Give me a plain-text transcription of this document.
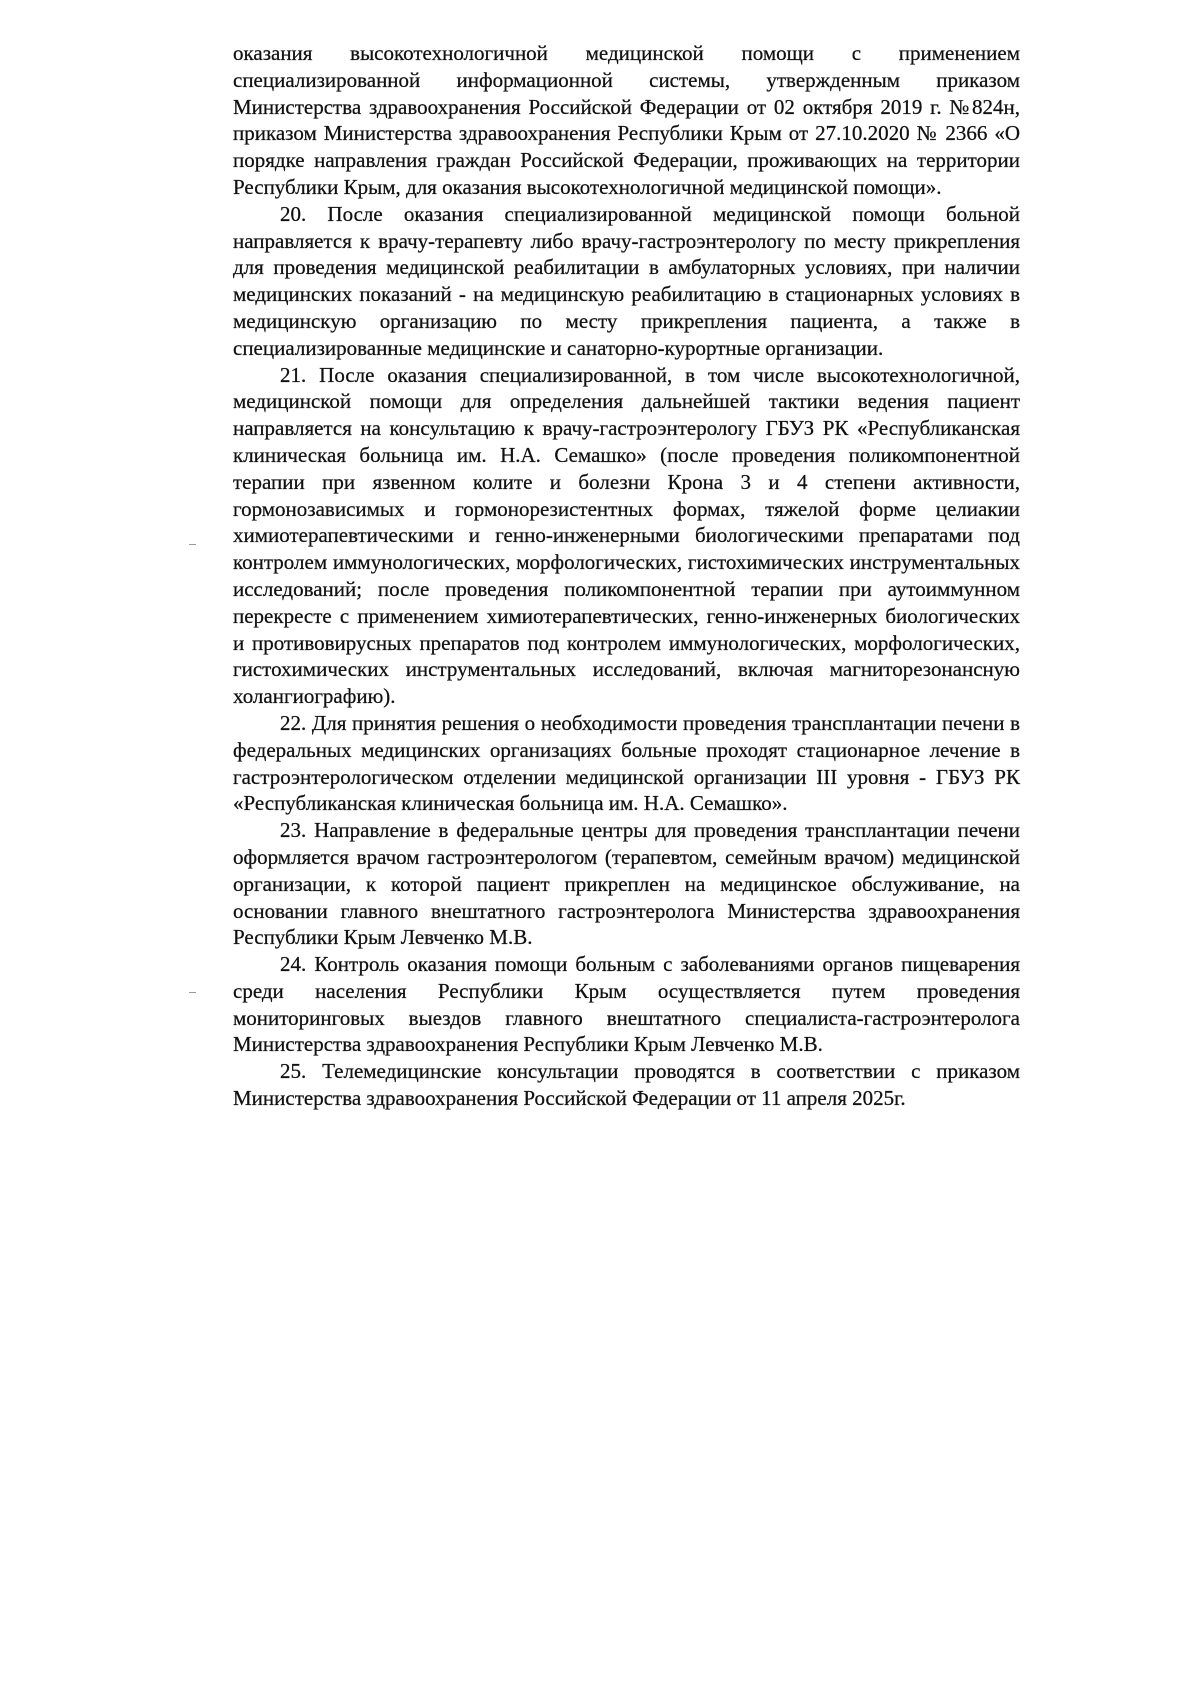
оказания высокотехнологичной медицинской помощи с применением специализированной информационной системы, утвержденным приказом Министерства здравоохранения Российской Федерации от 02 октября 2019 г. №824н, приказом Министерства здравоохранения Республики Крым от 27.10.2020 № 2366 «О порядке направления граждан Российской Федерации, проживающих на территории Республики Крым, для оказания высокотехнологичной медицинской помощи».

20. После оказания специализированной медицинской помощи больной направляется к врачу-терапевту либо врачу-гастроэнтерологу по месту прикрепления для проведения медицинской реабилитации в амбулаторных условиях, при наличии медицинских показаний - на медицинскую реабилитацию в стационарных условиях в медицинскую организацию по месту прикрепления пациента, а также в специализированные медицинские и санаторно-курортные организации.

21. После оказания специализированной, в том числе высокотехнологичной, медицинской помощи для определения дальнейшей тактики ведения пациент направляется на консультацию к врачу-гастроэнтерологу ГБУЗ РК «Республиканская клиническая больница им. Н.А. Семашко» (после проведения поликомпонентной терапии при язвенном колите и болезни Крона 3 и 4 степени активности, гормонозависимых и гормонорезистентных формах, тяжелой форме целиакии химиотерапевтическими и генно-инженерными биологическими препаратами под контролем иммунологических, морфологических, гистохимических инструментальных исследований; после проведения поликомпонентной терапии при аутоиммунном перекресте с применением химиотерапевтических, генно-инженерных биологических и противовирусных препаратов под контролем иммунологических, морфологических, гистохимических инструментальных исследований, включая магниторезонансную холангиографию).

22. Для принятия решения о необходимости проведения трансплантации печени в федеральных медицинских организациях больные проходят стационарное лечение в гастроэнтерологическом отделении медицинской организации III уровня - ГБУЗ РК «Республиканская клиническая больница им. Н.А. Семашко».

23. Направление в федеральные центры для проведения трансплантации печени оформляется врачом гастроэнтерологом (терапевтом, семейным врачом) медицинской организации, к которой пациент прикреплен на медицинское обслуживание, на основании главного внештатного гастроэнтеролога Министерства здравоохранения Республики Крым Левченко М.В.

24. Контроль оказания помощи больным с заболеваниями органов пищеварения среди населения Республики Крым осуществляется путем проведения мониторинговых выездов главного внештатного специалиста-гастроэнтеролога Министерства здравоохранения Республики Крым Левченко М.В.

25. Телемедицинские консультации проводятся в соответствии с приказом Министерства здравоохранения Российской Федерации от 11 апреля 2025г.
